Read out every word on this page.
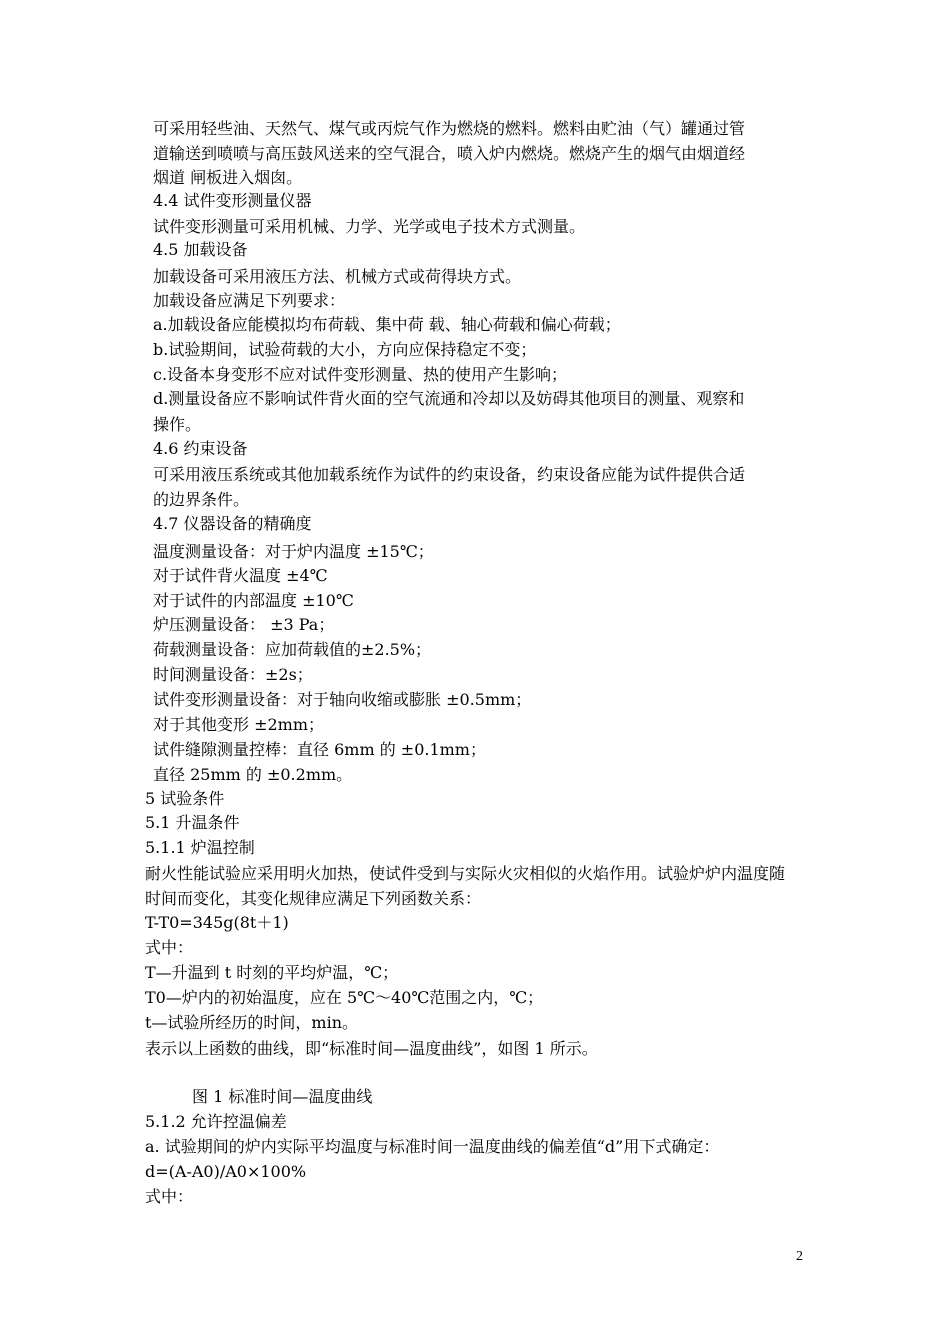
可采用轻些油、天然气、煤气或丙烷气作为燃烧的燃料。燃料由贮油（气）罐通过管
道输送到喷喷与高压鼓风送来的空气混合，喷入炉内燃烧。燃烧产生的烟气由烟道经
烟道 闸板进入烟囱。
4.4 试件变形测量仪器
试件变形测量可采用机械、力学、光学或电子技术方式测量。
4.5 加载设备
加载设备可采用液压方法、机械方式或荷得块方式。
加载设备应满足下列要求：
a.加载设备应能模拟均布荷载、集中荷 载、轴心荷载和偏心荷载；
b.试验期间，试验荷载的大小，方向应保持稳定不变；
c.设备本身变形不应对试件变形测量、热的使用产生影响；
d.测量设备应不影响试件背火面的空气流通和冷却以及妨碍其他项目的测量、观察和
操作。
4.6 约束设备
可采用液压系统或其他加载系统作为试件的约束设备，约束设备应能为试件提供合适
的边界条件。
4.7 仪器设备的精确度
温度测量设备：对于炉内温度 ±15℃；
对于试件背火温度 ±4℃
对于试件的内部温度 ±10℃
炉压测量设备： ±3 Pa；
荷载测量设备：应加荷载值的±2.5%；
时间测量设备：±2s；
试件变形测量设备：对于轴向收缩或膨胀 ±0.5mm；
对于其他变形 ±2mm；
试件缝隙测量控棒：直径 6mm 的 ±0.1mm；
直径 25mm 的 ±0.2mm。
5 试验条件
5.1 升温条件
5.1.1 炉温控制
耐火性能试验应采用明火加热，使试件受到与实际火灾相似的火焰作用。试验炉炉内温度随
时间而变化，其变化规律应满足下列函数关系：
T-T0=345g(8t＋1)
式中：
T—升温到 t 时刻的平均炉温，℃；
T0—炉内的初始温度，应在 5℃～40℃范围之内，℃；
t—试验所经历的时间，min。
表示以上函数的曲线，即“标准时间—温度曲线”，如图 1 所示。
图 1 标准时间—温度曲线
5.1.2 允许控温偏差
a. 试验期间的炉内实际平均温度与标准时间一温度曲线的偏差值“d”用下式确定：
d=(A-A0)/A0×100%
式中：
2
